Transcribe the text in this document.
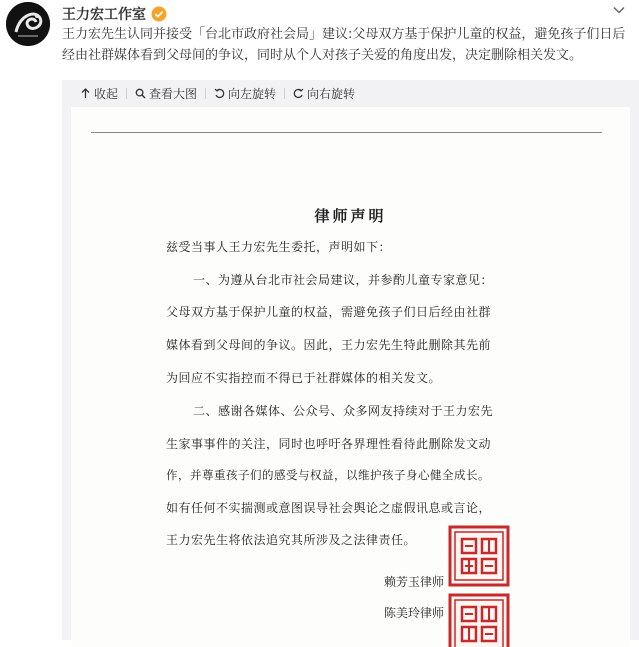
王力宏工作室
王力宏先生认同并接受「台北市政府社会局」建议:父母双方基于保护儿童的权益，避免孩子们日后经由社群媒体看到父母间的争议，同时从个人对孩子关爱的角度出发，决定删除相关发文。
收起	查看大图	向左旋转	向右旋转
律师声明
兹受当事人王力宏先生委托，声明如下：
一、为遵从台北市社会局建议，并参酌儿童专家意见：
父母双方基于保护儿童的权益，需避免孩子们日后经由社群
媒体看到父母间的争议。因此，王力宏先生特此删除其先前
为回应不实指控而不得已于社群媒体的相关发文。
二、感谢各媒体、公众号、众多网友持续对于王力宏先
生家事事件的关注，同时也呼吁各界理性看待此删除发文动
作，并尊重孩子们的感受与权益，以维护孩子身心健全成长。
如有任何不实揣测或意图误导社会舆论之虚假讯息或言论，
王力宏先生将依法追究其所涉及之法律责任。
赖芳玉律师
陈美玲律师
